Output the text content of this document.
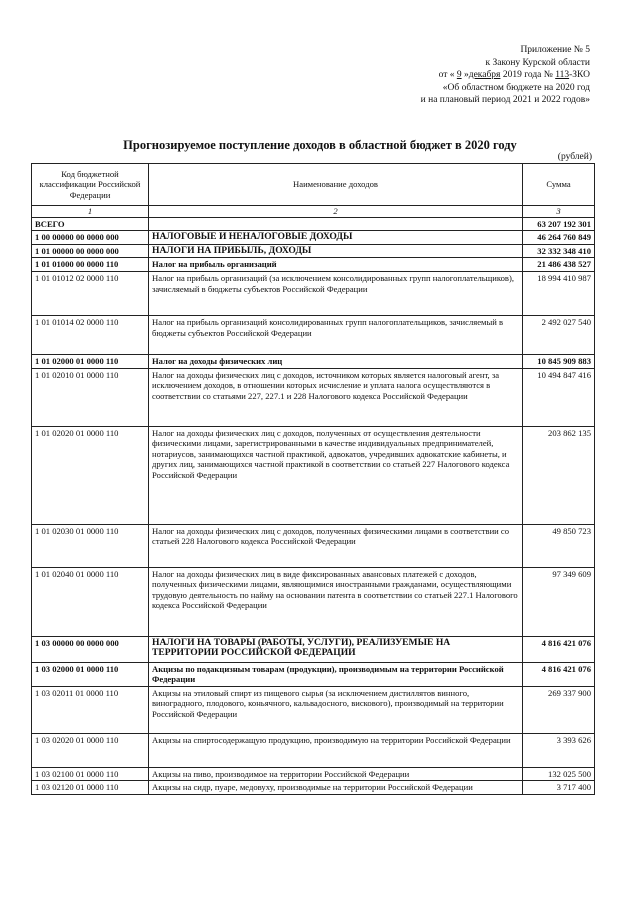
Приложение № 5
к Закону Курской области
от « 9 »декабря 2019 года № 113-ЗКО
«Об областном бюджете на 2020 год
и на плановый период 2021 и 2022 годов»
Прогнозируемое поступление доходов в областной бюджет в 2020 году
(рублей)
Код бюджетной классификации Российской Федерации	Наименование доходов	Сумма
1	2	3
ВСЕГО		63 207 192 301
1 00 00000 00 0000 000	НАЛОГОВЫЕ И НЕНАЛОГОВЫЕ ДОХОДЫ	46 264 760 849
1 01 00000 00 0000 000	НАЛОГИ НА ПРИБЫЛЬ, ДОХОДЫ	32 332 348 410
1 01 01000 00 0000 110	Налог на прибыль организаций	21 486 438 527
1 01 01012 02 0000 110	Налог на прибыль организаций (за исключением консолидированных групп налогоплательщиков), зачисляемый в бюджеты субъектов Российской Федерации	18 994 410 987
1 01 01014 02 0000 110	Налог на прибыль организаций консолидированных групп налогоплательщиков, зачисляемый в бюджеты субъектов Российской Федерации	2 492 027 540
1 01 02000 01 0000 110	Налог на доходы физических лиц	10 845 909 883
1 01 02010 01 0000 110	Налог на доходы физических лиц с доходов, источником которых является налоговый агент, за исключением доходов, в отношении которых исчисление и уплата налога осуществляются в соответствии со статьями 227, 227.1 и 228 Налогового кодекса Российской Федерации	10 494 847 416
1 01 02020 01 0000 110	Налог на доходы физических лиц с доходов, полученных от осуществления деятельности физическими лицами, зарегистрированными в качестве индивидуальных предпринимателей, нотариусов, занимающихся частной практикой, адвокатов, учредивших адвокатские кабинеты, и других лиц, занимающихся частной практикой в соответствии со статьей 227 Налогового кодекса Российской Федерации	203 862 135
1 01 02030 01 0000 110	Налог на доходы физических лиц с доходов, полученных физическими лицами в соответствии со статьей 228 Налогового кодекса Российской Федерации	49 850 723
1 01 02040 01 0000 110	Налог на доходы физических лиц в виде фиксированных авансовых платежей с доходов, полученных физическими лицами, являющимися иностранными гражданами, осуществляющими трудовую деятельность по найму на основании патента в соответствии со статьей 227.1 Налогового кодекса Российской Федерации	97 349 609
1 03 00000 00 0000 000	НАЛОГИ НА ТОВАРЫ (РАБОТЫ, УСЛУГИ), РЕАЛИЗУЕМЫЕ НА ТЕРРИТОРИИ РОССИЙСКОЙ ФЕДЕРАЦИИ	4 816 421 076
1 03 02000 01 0000 110	Акцизы по подакцизным товарам (продукции), производимым на территории Российской Федерации	4 816 421 076
1 03 02011 01 0000 110	Акцизы на этиловый спирт из пищевого сырья (за исключением дистиллятов винного, виноградного, плодового, коньячного, кальвадосного, вискового), производимый на территории Российской Федерации	269 337 900
1 03 02020 01 0000 110	Акцизы на спиртосодержащую продукцию, производимую на территории Российской Федерации	3 393 626
1 03 02100 01 0000 110	Акцизы на пиво, производимое на территории Российской Федерации	132 025 500
1 03 02120 01 0000 110	Акцизы на сидр, пуаре, медовуху, производимые на территории Российской Федерации	3 717 400
